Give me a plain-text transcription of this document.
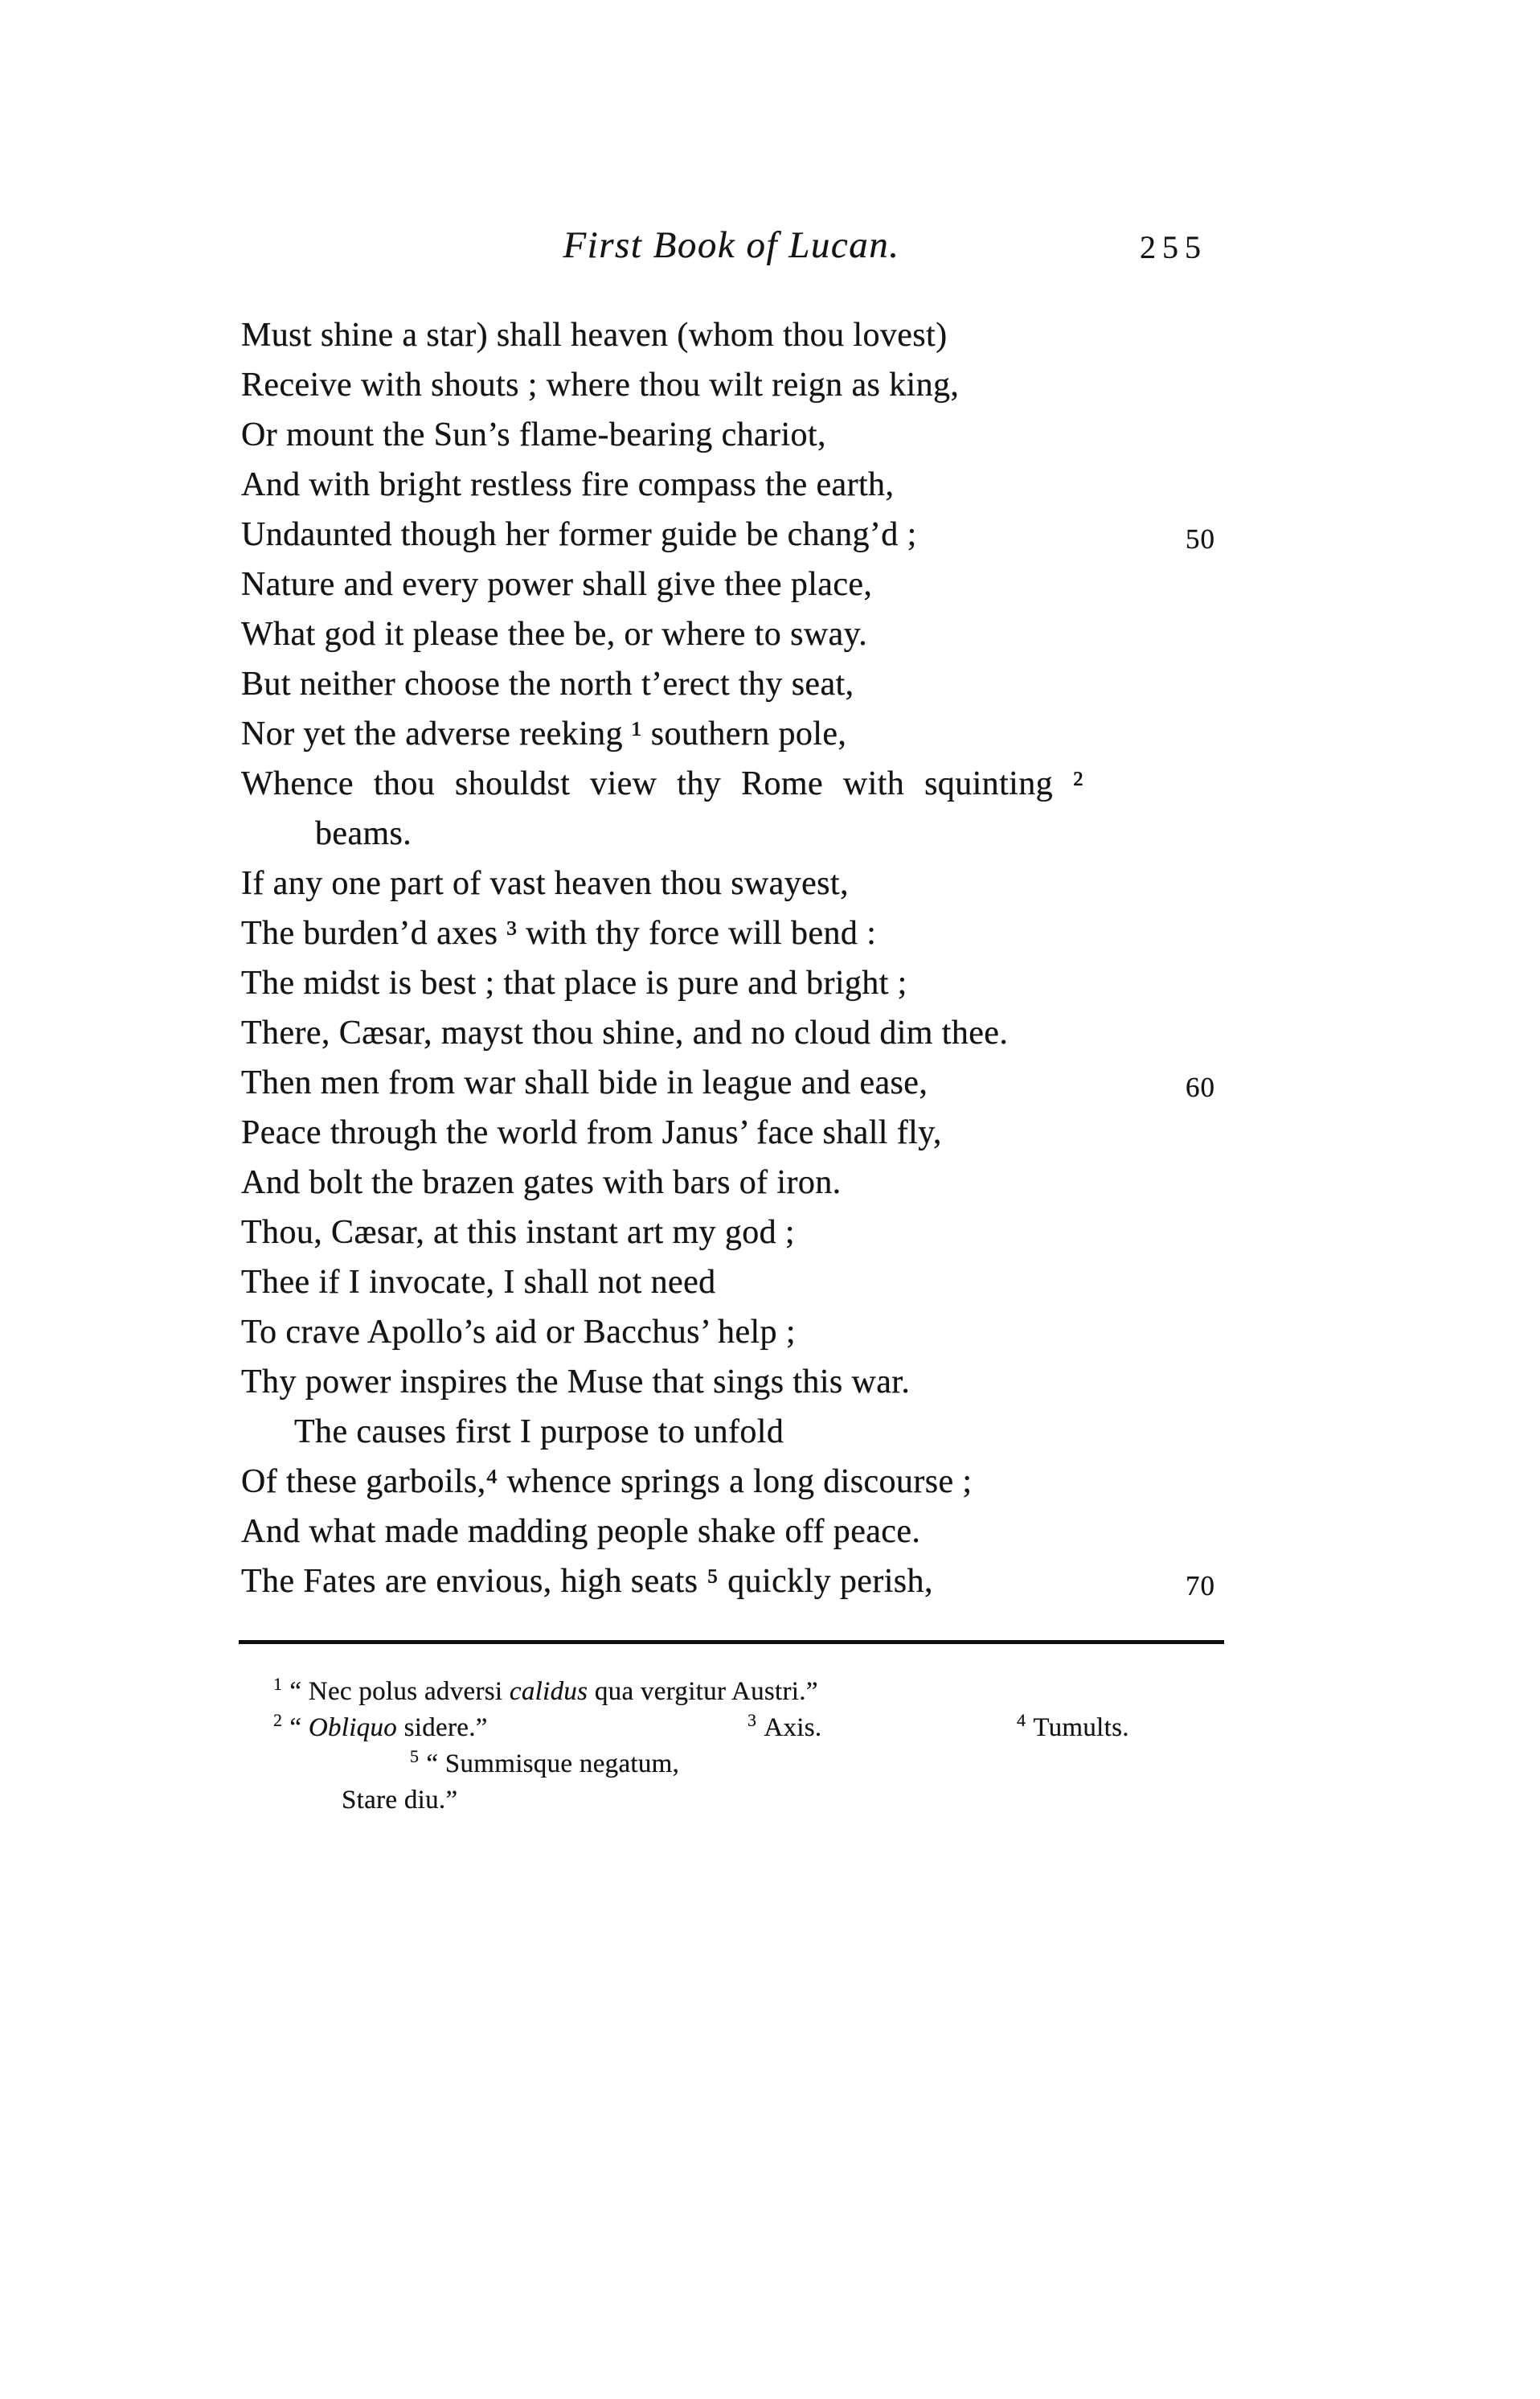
First Book of Lucan.	255
Must shine a star) shall heaven (whom thou lovest)
Receive with shouts ; where thou wilt reign as king,
Or mount the Sun’s flame-bearing chariot,
And with bright restless fire compass the earth,
Undaunted though her former guide be chang’d ;	50
Nature and every power shall give thee place,
What god it please thee be, or where to sway.
But neither choose the north t’erect thy seat,
Nor yet the adverse reeking ¹ southern pole,
Whence thou shouldst view thy Rome with squinting ²
beams.
If any one part of vast heaven thou swayest,
The burden’d axes ³ with thy force will bend :
The midst is best ; that place is pure and bright ;
There, Cæsar, mayst thou shine, and no cloud dim thee.
Then men from war shall bide in league and ease,	60
Peace through the world from Janus’ face shall fly,
And bolt the brazen gates with bars of iron.
Thou, Cæsar, at this instant art my god ;
Thee if I invocate, I shall not need
To crave Apollo’s aid or Bacchus’ help ;
Thy power inspires the Muse that sings this war.
The causes first I purpose to unfold
Of these garboils,⁴ whence springs a long discourse ;
And what made madding people shake off peace.
The Fates are envious, high seats ⁵ quickly perish,	70
$^1$ “ Nec polus adversi calidus qua vergitur Austri.”
$^2$ “ Obliquo sidere.”	$^3$ Axis.	$^4$ Tumults.
$^5$ “ Summisque negatum,
Stare diu.”
